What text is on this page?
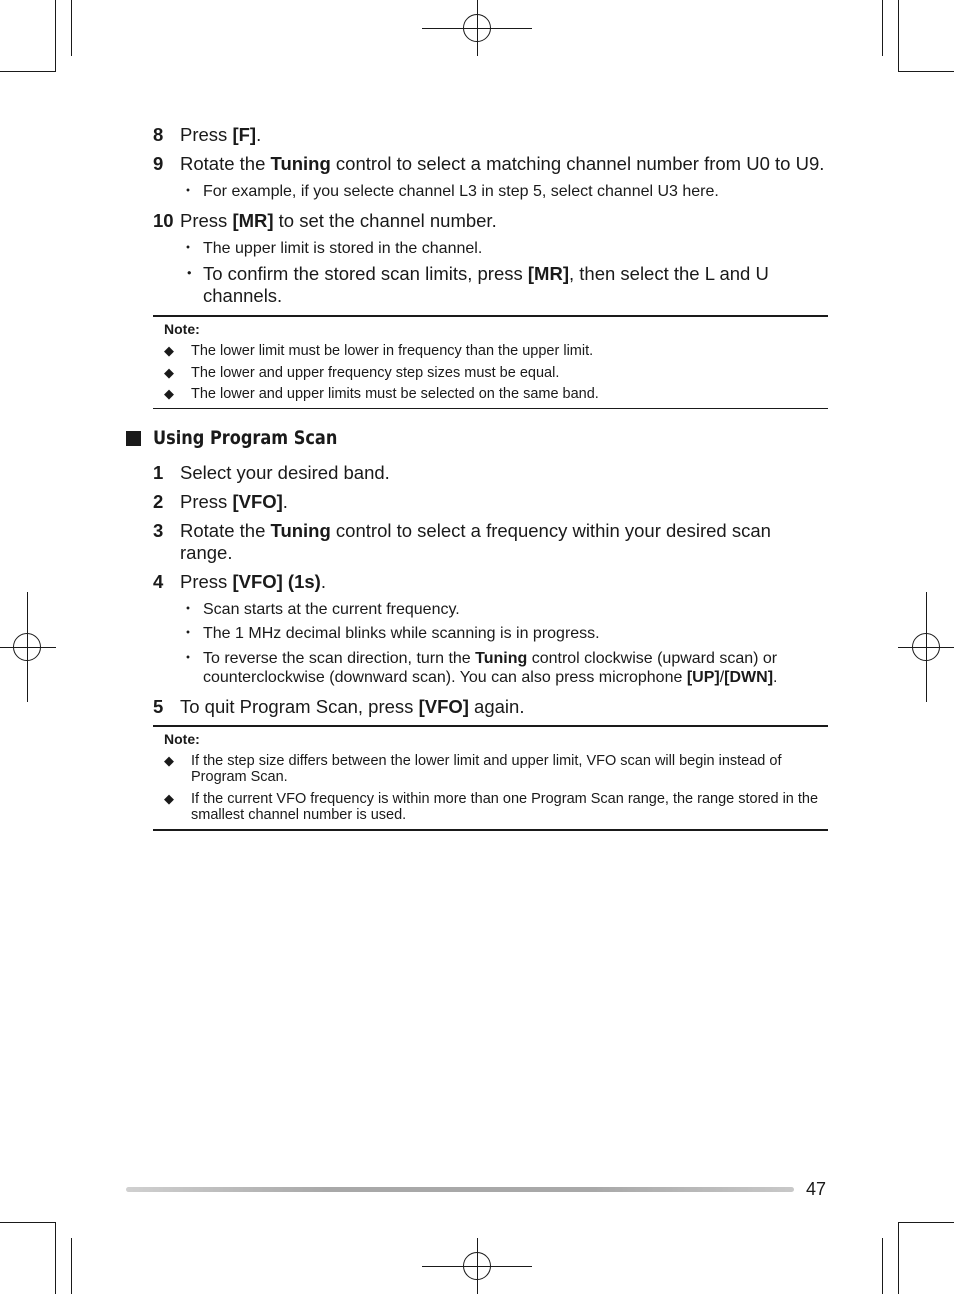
8 Press [F].
9 Rotate the Tuning control to select a matching channel number from U0 to U9.
・ For example, if you selecte channel L3 in step 5, select channel U3 here.
10 Press [MR] to set the channel number.
・ The upper limit is stored in the channel.
・ To confirm the stored scan limits, press [MR], then select the L and U channels.
Note:
◆ The lower limit must be lower in frequency than the upper limit.
◆ The lower and upper frequency step sizes must be equal.
◆ The lower and upper limits must be selected on the same band.
Using Program Scan
1 Select your desired band.
2 Press [VFO].
3 Rotate the Tuning control to select a frequency within your desired scan range.
4 Press [VFO] (1s).
・ Scan starts at the current frequency.
・ The 1 MHz decimal blinks while scanning is in progress.
・ To reverse the scan direction, turn the Tuning control clockwise (upward scan) or counterclockwise (downward scan). You can also press microphone [UP]/[DWN].
5 To quit Program Scan, press [VFO] again.
Note:
◆ If the step size differs between the lower limit and upper limit, VFO scan will begin instead of Program Scan.
◆ If the current VFO frequency is within more than one Program Scan range, the range stored in the smallest channel number is used.
47
